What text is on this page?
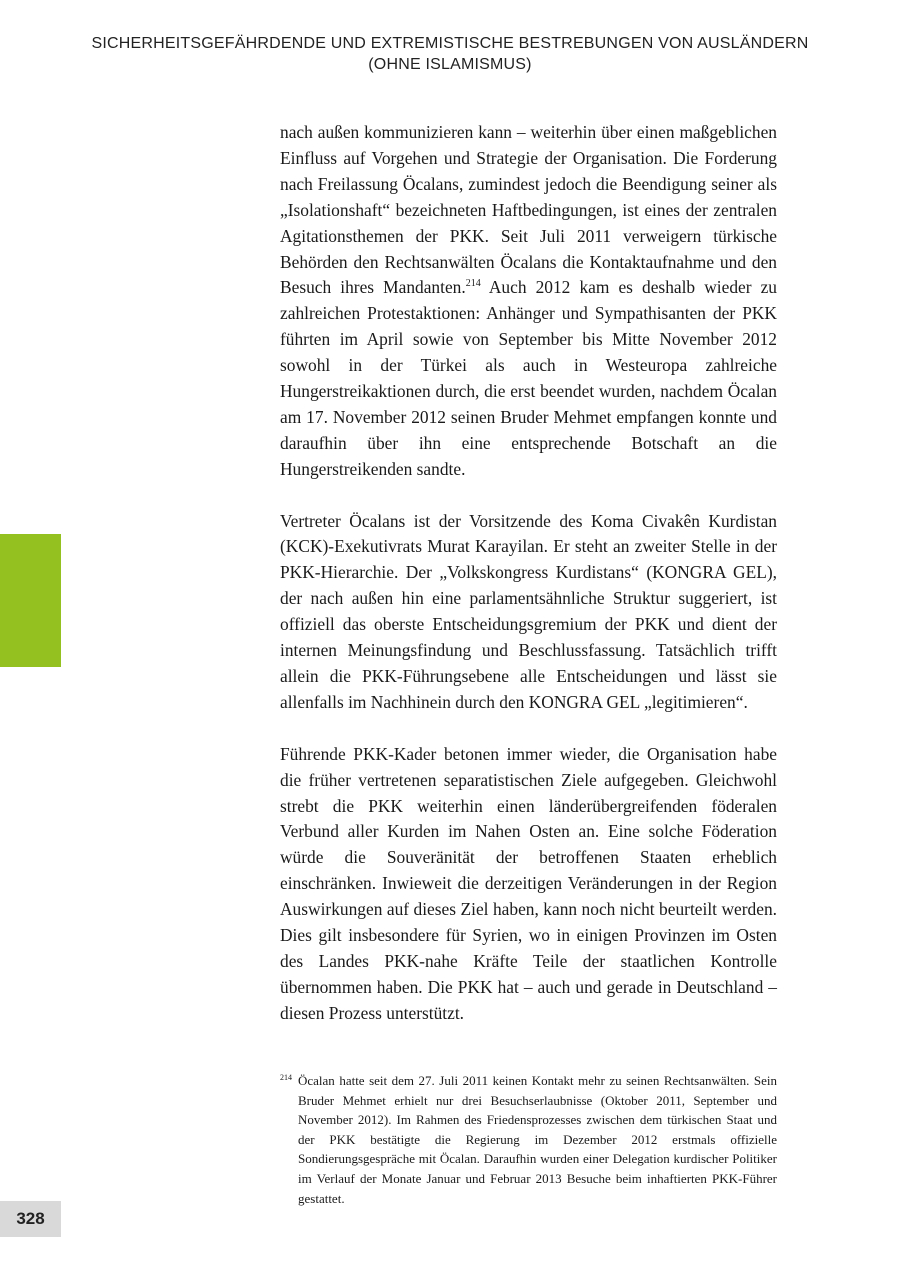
SICHERHEITSGEFÄHRDENDE UND EXTREMISTISCHE BESTREBUNGEN VON AUSLÄNDERN
(OHNE ISLAMISMUS)

nach außen kommunizieren kann – weiterhin über einen maßgeblichen Einfluss auf Vorgehen und Strategie der Organisation. Die Forderung nach Freilassung Öcalans, zumindest jedoch die Beendigung seiner als „Isolationshaft“ bezeichneten Haftbedingungen, ist eines der zentralen Agitationsthemen der PKK. Seit Juli 2011 verweigern türkische Behörden den Rechtsanwälten Öcalans die Kontaktaufnahme und den Besuch ihres Mandanten.$^{214}$ Auch 2012 kam es deshalb wieder zu zahlreichen Protestaktionen: Anhänger und Sympathisanten der PKK führten im April sowie von September bis Mitte November 2012 sowohl in der Türkei als auch in Westeuropa zahlreiche Hungerstreikaktionen durch, die erst beendet wurden, nachdem Öcalan am 17. November 2012 seinen Bruder Mehmet empfangen konnte und daraufhin über ihn eine entsprechende Botschaft an die Hungerstreikenden sandte.

Vertreter Öcalans ist der Vorsitzende des Koma Civakên Kurdistan (KCK)-Exekutivrats Murat Karayilan. Er steht an zweiter Stelle in der PKK-Hierarchie. Der „Volkskongress Kurdistans“ (KONGRA GEL), der nach außen hin eine parlamentsähnliche Struktur suggeriert, ist offiziell das oberste Entscheidungsgremium der PKK und dient der internen Meinungsfindung und Beschlussfassung. Tatsächlich trifft allein die PKK-Führungsebene alle Entscheidungen und lässt sie allenfalls im Nachhinein durch den KONGRA GEL „legitimieren“.

Führende PKK-Kader betonen immer wieder, die Organisation habe die früher vertretenen separatistischen Ziele aufgegeben. Gleichwohl strebt die PKK weiterhin einen länderübergreifenden föderalen Verbund aller Kurden im Nahen Osten an. Eine solche Föderation würde die Souveränität der betroffenen Staaten erheblich einschränken. Inwieweit die derzeitigen Veränderungen in der Region Auswirkungen auf dieses Ziel haben, kann noch nicht beurteilt werden. Dies gilt insbesondere für Syrien, wo in einigen Provinzen im Osten des Landes PKK-nahe Kräfte Teile der staatlichen Kontrolle übernommen haben. Die PKK hat – auch und gerade in Deutschland – diesen Prozess unterstützt.

214 Öcalan hatte seit dem 27. Juli 2011 keinen Kontakt mehr zu seinen Rechtsanwälten. Sein Bruder Mehmet erhielt nur drei Besuchserlaubnisse (Oktober 2011, September und November 2012). Im Rahmen des Friedensprozesses zwischen dem türkischen Staat und der PKK bestätigte die Regierung im Dezember 2012 erstmals offizielle Sondierungsgespräche mit Öcalan. Daraufhin wurden einer Delegation kurdischer Politiker im Verlauf der Monate Januar und Februar 2013 Besuche beim inhaftierten PKK-Führer gestattet.

328
